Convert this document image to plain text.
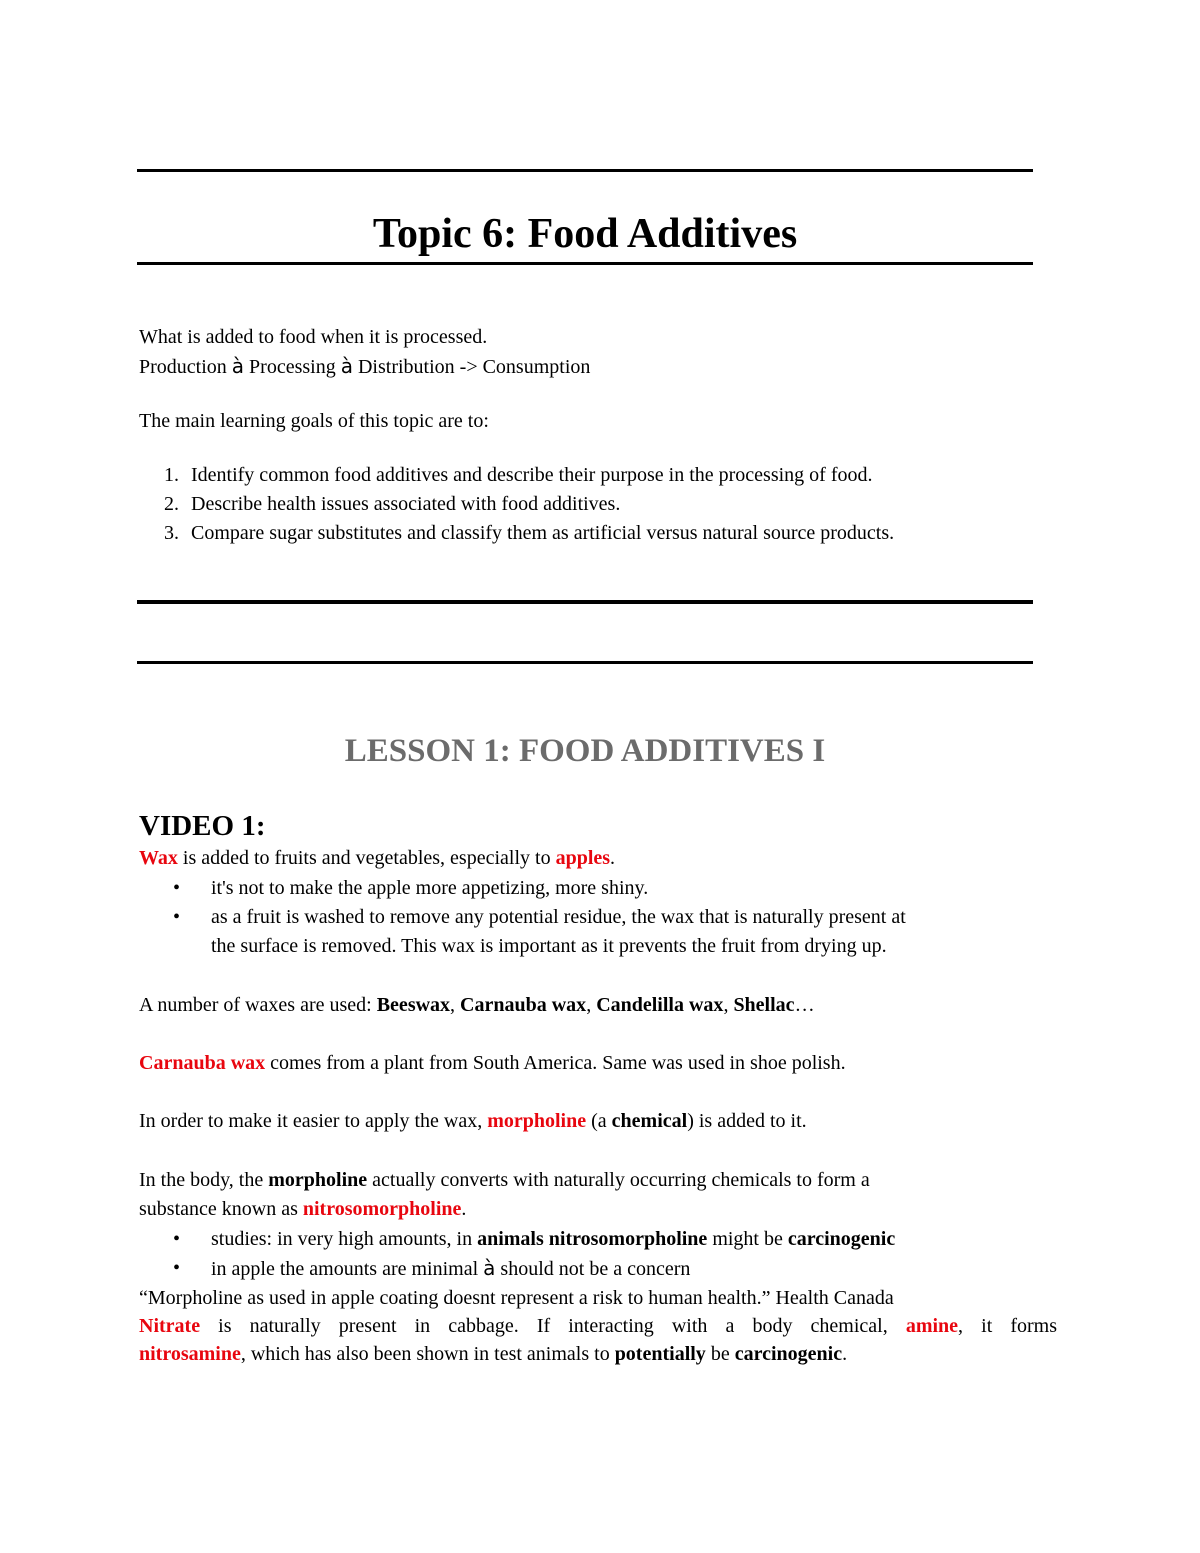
Topic 6: Food Additives
What is added to food when it is processed.
Production à Processing à Distribution -> Consumption
The main learning goals of this topic are to:
1. Identify common food additives and describe their purpose in the processing of food.
2. Describe health issues associated with food additives.
3. Compare sugar substitutes and classify them as artificial versus natural source products.
LESSON 1: FOOD ADDITIVES I
VIDEO 1:
Wax is added to fruits and vegetables, especially to apples.
• it's not to make the apple more appetizing, more shiny.
• as a fruit is washed to remove any potential residue, the wax that is naturally present at
the surface is removed. This wax is important as it prevents the fruit from drying up.
A number of waxes are used: Beeswax, Carnauba wax, Candelilla wax, Shellac…
Carnauba wax comes from a plant from South America. Same was used in shoe polish.
In order to make it easier to apply the wax, morpholine (a chemical) is added to it.
In the body, the morpholine actually converts with naturally occurring chemicals to form a
substance known as nitrosomorpholine.
• studies: in very high amounts, in animals nitrosomorpholine might be carcinogenic
• in apple the amounts are minimal à should not be a concern
“Morpholine as used in apple coating doesnt represent a risk to human health.” Health Canada
Nitrate is naturally present in cabbage. If interacting with a body chemical, amine, it forms
nitrosamine, which has also been shown in test animals to potentially be carcinogenic.
